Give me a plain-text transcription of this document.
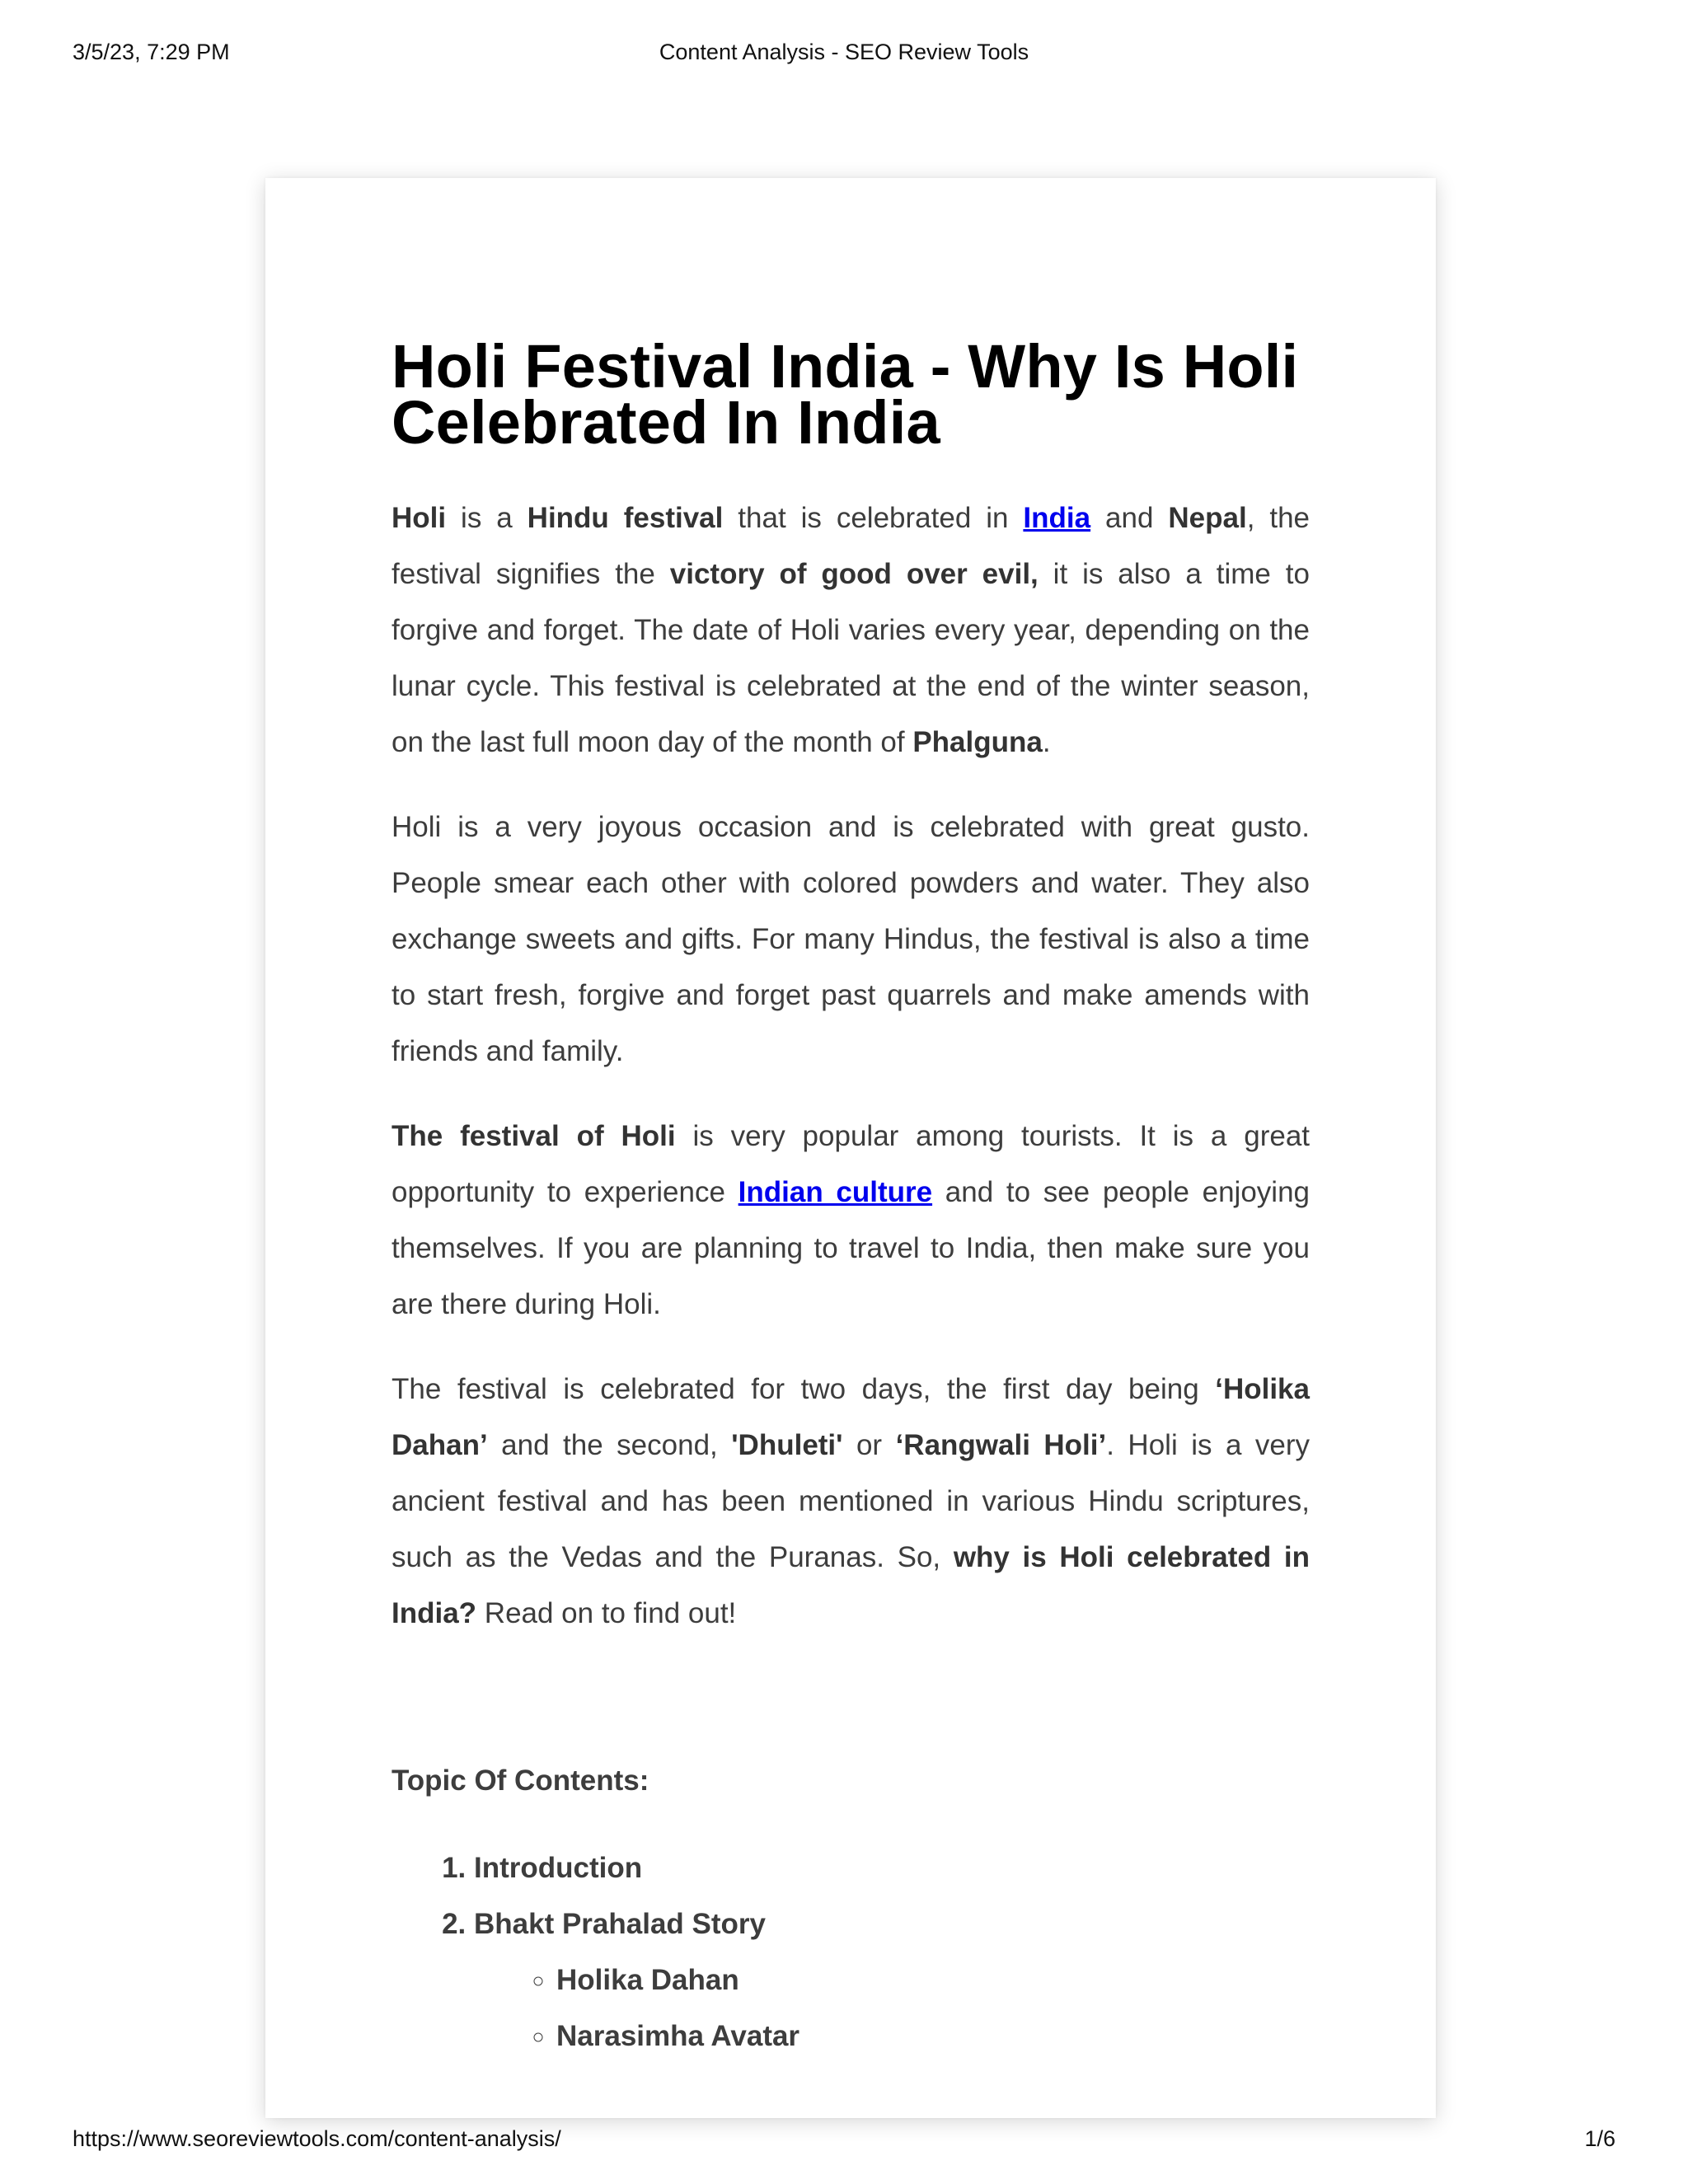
3/5/23, 7:29 PM	Content Analysis - SEO Review Tools
Holi Festival India - Why Is Holi Celebrated In India

Holi is a Hindu festival that is celebrated in India and Nepal, the festival signifies the victory of good over evil, it is also a time to forgive and forget. The date of Holi varies every year, depending on the lunar cycle. This festival is celebrated at the end of the winter season, on the last full moon day of the month of Phalguna.

Holi is a very joyous occasion and is celebrated with great gusto. People smear each other with colored powders and water. They also exchange sweets and gifts. For many Hindus, the festival is also a time to start fresh, forgive and forget past quarrels and make amends with friends and family.

The festival of Holi is very popular among tourists. It is a great opportunity to experience Indian culture and to see people enjoying themselves. If you are planning to travel to India, then make sure you are there during Holi.

The festival is celebrated for two days, the first day being ‘Holika Dahan’ and the second, 'Dhuleti' or ‘Rangwali Holi’. Holi is a very ancient festival and has been mentioned in various Hindu scriptures, such as the Vedas and the Puranas. So, why is Holi celebrated in India? Read on to find out!

Topic Of Contents:
1. Introduction
2. Bhakt Prahalad Story
◦ Holika Dahan
◦ Narasimha Avatar
https://www.seoreviewtools.com/content-analysis/	1/6
